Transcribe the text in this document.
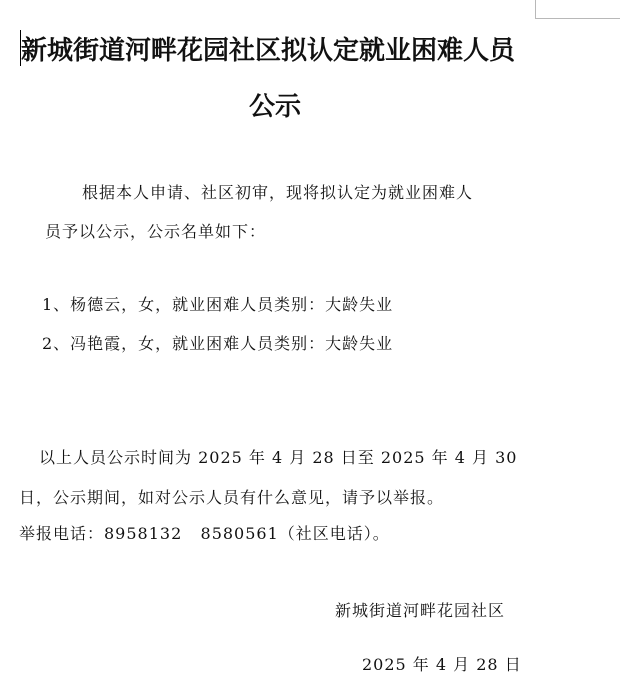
新城街道河畔花园社区拟认定就业困难人员
公示
根据本人申请、社区初审，现将拟认定为就业困难人
员予以公示，公示名单如下：
1、杨德云，女，就业困难人员类别：大龄失业
2、冯艳霞，女，就业困难人员类别：大龄失业
以上人员公示时间为 2025 年 4 月 28 日至 2025 年 4 月 30
日，公示期间，如对公示人员有什么意见，请予以举报。
举报电话：8958132   8580561（社区电话）。
新城街道河畔花园社区
2025 年 4 月 28 日
